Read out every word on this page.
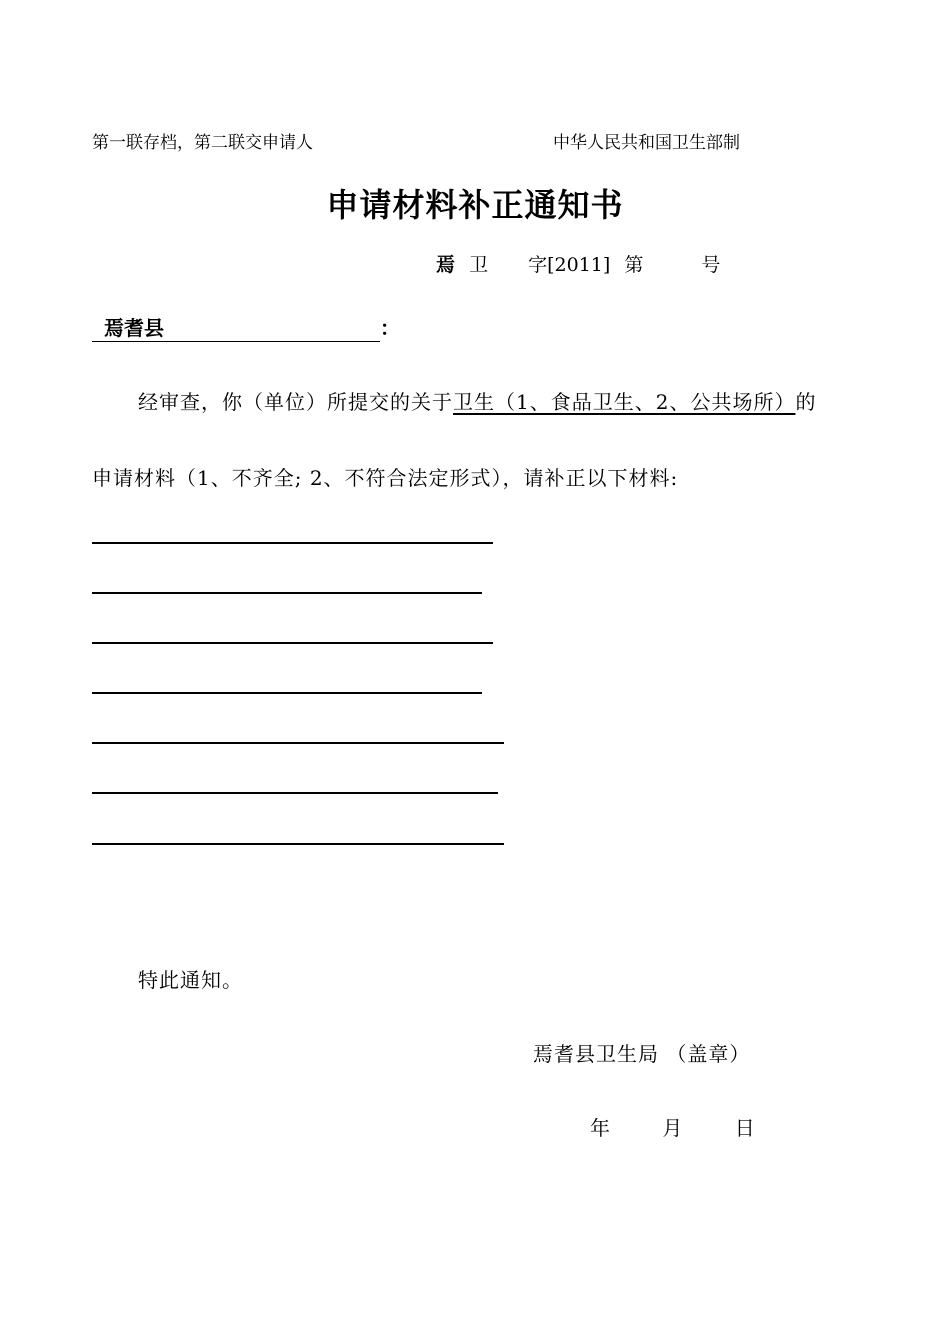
第一联存档，第二联交申请人	中华人民共和国卫生部制
申请材料补正通知书
焉 卫 字[2011] 第	号
焉耆县	：
经审查，你（单位）所提交的关于卫生（1、食品卫生、2、公共场所）的
申请材料（1、不齐全; 2、不符合法定形式），请补正以下材料:
特此通知。
焉耆县卫生局 （盖章）
年	月	日
